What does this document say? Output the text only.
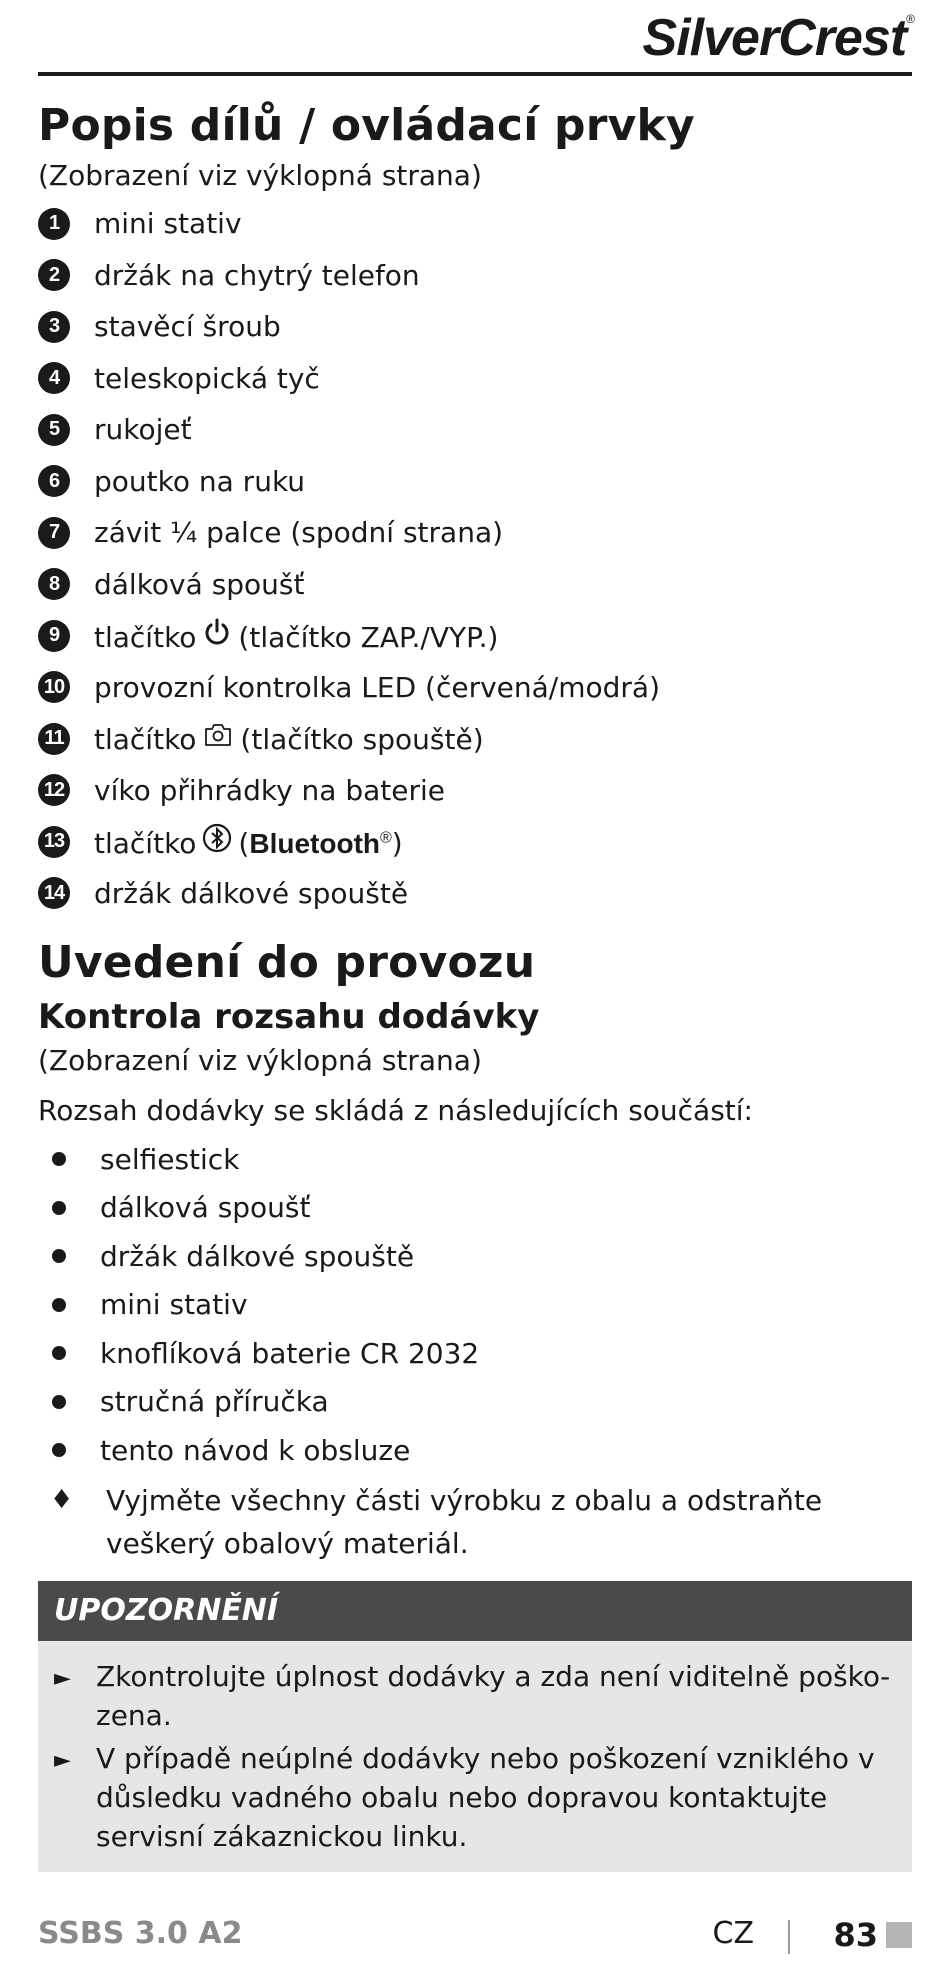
SilverCrest®
Popis dílů / ovládací prvky

(Zobrazení viz výklopná strana)

1	mini stativ
2	držák na chytrý telefon
3	stavěcí šroub
4	teleskopická tyč
5	rukojeť
6	poutko na ruku
7	závit ¼ palce (spodní strana)
8	dálková spoušť
9	tlačítko (tlačítko ZAP./VYP.)
10 provozní kontrolka LED (červená/modrá)
11 tlačítko (tlačítko spouště)
12 víko přihrádky na baterie
13 tlačítko (Bluetooth®)
14 držák dálkové spouště
Uvedení do provozu
Kontrola rozsahu dodávky

(Zobrazení viz výklopná strana)

Rozsah dodávky se skládá z následujících součástí:

selfiestick
dálková spoušť
držák dálkové spouště
mini stativ
knoflíková baterie CR 2032
stručná příručka
tento návod k obsluze
♦	Vyjměte všechny části výrobku z obalu a odstraňte veškerý obalový materiál.
UPOZORNĚNÍ
► Zkontrolujte úplnost dodávky a zda není viditelně poškozena.
► V případě neúplné dodávky nebo poškození vzniklého v důsledku vadného obalu nebo dopravou kontaktujte servisní zákaznickou linku.
SSBS 3.0 A2	CZ 83
